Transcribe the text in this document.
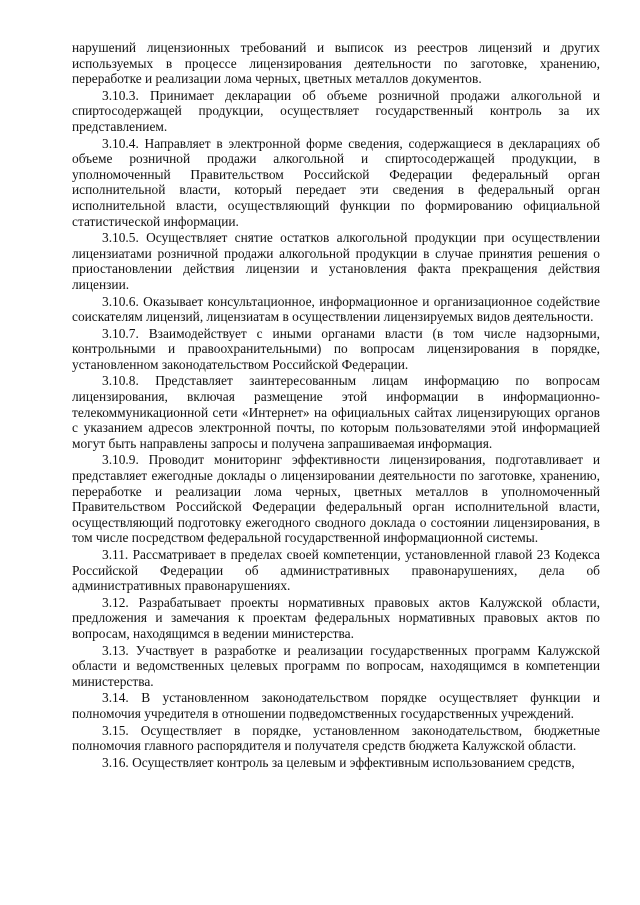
нарушений лицензионных требований и выписок из реестров лицензий и других используемых в процессе лицензирования деятельности по заготовке, хранению, переработке и реализации лома черных, цветных металлов документов.

3.10.3. Принимает декларации об объеме розничной продажи алкогольной и спиртосодержащей продукции, осуществляет государственный контроль за их представлением.

3.10.4. Направляет в электронной форме сведения, содержащиеся в декларациях об объеме розничной продажи алкогольной и спиртосодержащей продукции, в уполномоченный Правительством Российской Федерации федеральный орган исполнительной власти, который передает эти сведения в федеральный орган исполнительной власти, осуществляющий функции по формированию официальной статистической информации.

3.10.5. Осуществляет снятие остатков алкогольной продукции при осуществлении лицензиатами розничной продажи алкогольной продукции в случае принятия решения о приостановлении действия лицензии и установления факта прекращения действия лицензии.

3.10.6. Оказывает консультационное, информационное и организационное содействие соискателям лицензий, лицензиатам в осуществлении лицензируемых видов деятельности.

3.10.7. Взаимодействует с иными органами власти (в том числе надзорными, контрольными и правоохранительными) по вопросам лицензирования в порядке, установленном законодательством Российской Федерации.

3.10.8. Представляет заинтересованным лицам информацию по вопросам лицензирования, включая размещение этой информации в информационно-телекоммуникационной сети «Интернет» на официальных сайтах лицензирующих органов с указанием адресов электронной почты, по которым пользователями этой информацией могут быть направлены запросы и получена запрашиваемая информация.

3.10.9. Проводит мониторинг эффективности лицензирования, подготавливает и представляет ежегодные доклады о лицензировании деятельности по заготовке, хранению, переработке и реализации лома черных, цветных металлов в уполномоченный Правительством Российской Федерации федеральный орган исполнительной власти, осуществляющий подготовку ежегодного сводного доклада о состоянии лицензирования, в том числе посредством федеральной государственной информационной системы.

3.11. Рассматривает в пределах своей компетенции, установленной главой 23 Кодекса Российской Федерации об административных правонарушениях, дела об административных правонарушениях.

3.12. Разрабатывает проекты нормативных правовых актов Калужской области, предложения и замечания к проектам федеральных нормативных правовых актов по вопросам, находящимся в ведении министерства.

3.13. Участвует в разработке и реализации государственных программ Калужской области и ведомственных целевых программ по вопросам, находящимся в компетенции министерства.

3.14. В установленном законодательством порядке осуществляет функции и полномочия учредителя в отношении подведомственных государственных учреждений.

3.15. Осуществляет в порядке, установленном законодательством, бюджетные полномочия главного распорядителя и получателя средств бюджета Калужской области.

3.16. Осуществляет контроль за целевым и эффективным использованием средств,
